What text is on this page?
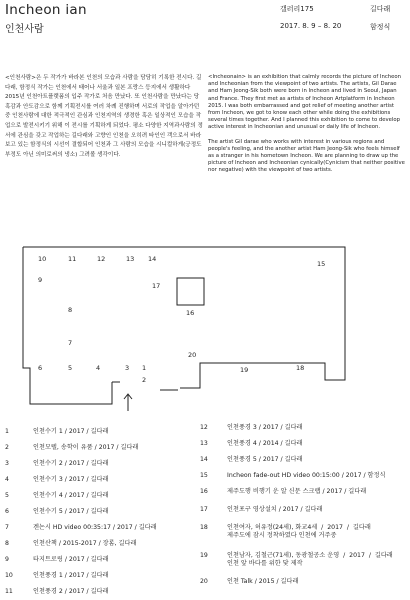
Incheon ian
인천사람
갤러리175	길다래
2017. 8. 9 – 8. 20	함정식

<인천사람>은 두 작가가 바라본 인천의 모습과 사람을 담담히 기록한 전시다. 길다래, 함정식 작가는 인천에서 태어나 서울과 일본 프랑스 등지에서 생활하다 2015년 인천아트플랫폼의 입주 작가로 처음 만났다. 또 인천사람을 만났다는 당혹감과 안도감으로 함께 기획전시를 여러 차례 진행하며 서로의 작업을 알아가던 중 인천사람에 대한 적극적인 관심과 인천지역의 생경한 혹은 일상적인 모습을 작업으로 발전시키기 위해 이 전시를 기획하게 되었다. 평소 다양한 지역과사람의 정서에 관심을 갖고 작업하는 길다래와 고향인 인천을 오히려 타인인 객으로서 바라보고 있는 함정식의 시선이 결합되어 인천과 그 사람의 모습을 시니컬하게(긍정도 부정도 아닌 의미로써의 냉소) 그려볼 생각이다.

<Incheonain> is an exhibition that calmly records the picture of Incheon and Incheonian from the viewpoint of two artists. The artists, Gil Darae and Ham Jeong-Sik both were born in Incheon and lived in Seoul, Japan and France. They first met as artists of Incheon Artplatform in Incheon 2015. I was both embarrassed and got relief of meeting another artist from Incheon, we got to know each other while doing the exhibitions several times together. And I planned this exhibition to come to develop active interest in Incheonian and unusual or daily life of Incheon.

The artist Gil darae who works with interest in various regions and people's feeling, and the another artist Ham Jeong-Sik who feels himself as a stranger in his hometown Incheon. We are planning to draw up the picture of Incheon and Incheonian cynically(Cynicism that neither positive nor negative) with the viewpoint of two artists.

10	11	12	13 14
9
15
17
16
8
7
6	5	4	3 1
2
20
19	18
1	인천수기 1 / 2017 / 길다래
2	인천모텔, 송학이 유품 / 2017 / 길다래
3	인천수기 2 / 2017 / 길다래
4	인천수기 3 / 2017 / 길다래
5	인천수기 4 / 2017 / 길다래
6	인천수기 5 / 2017 / 길다래
7	겐논시 HD video 00:35:17 / 2017 / 길다래
8	인천산책 / 2015-2017 / 장롬, 길다래
9	타지트로링 / 2017 / 길다래
10	인천풍경 1 / 2017 / 길다래
11	인천풍경 2 / 2017 / 길다래
12	인천풍경 3 / 2017 / 길다래
13	인천풍경 4 / 2014 / 길다래
14	인천풍경 5 / 2017 / 길다래
15	Incheon fade-out HD video 00:15:00 / 2017 / 함정식
16	제주도행 비행기 운 알 신문 스크랩 / 2017 / 길다래
17	인천포구 영상설치 / 2017 / 길다래
18	인천여자, 허유정(24세), 화교4세  /  2017  /  길다래
제주도에 잠시 정착하였다 인천에 거주중
19	인천남자, 김철근(71세), 동광철공소 운영  /  2017  /  길다래
인천 앞 바다를 위한 닻 제작
20	인천 Talk / 2015 / 길다래
